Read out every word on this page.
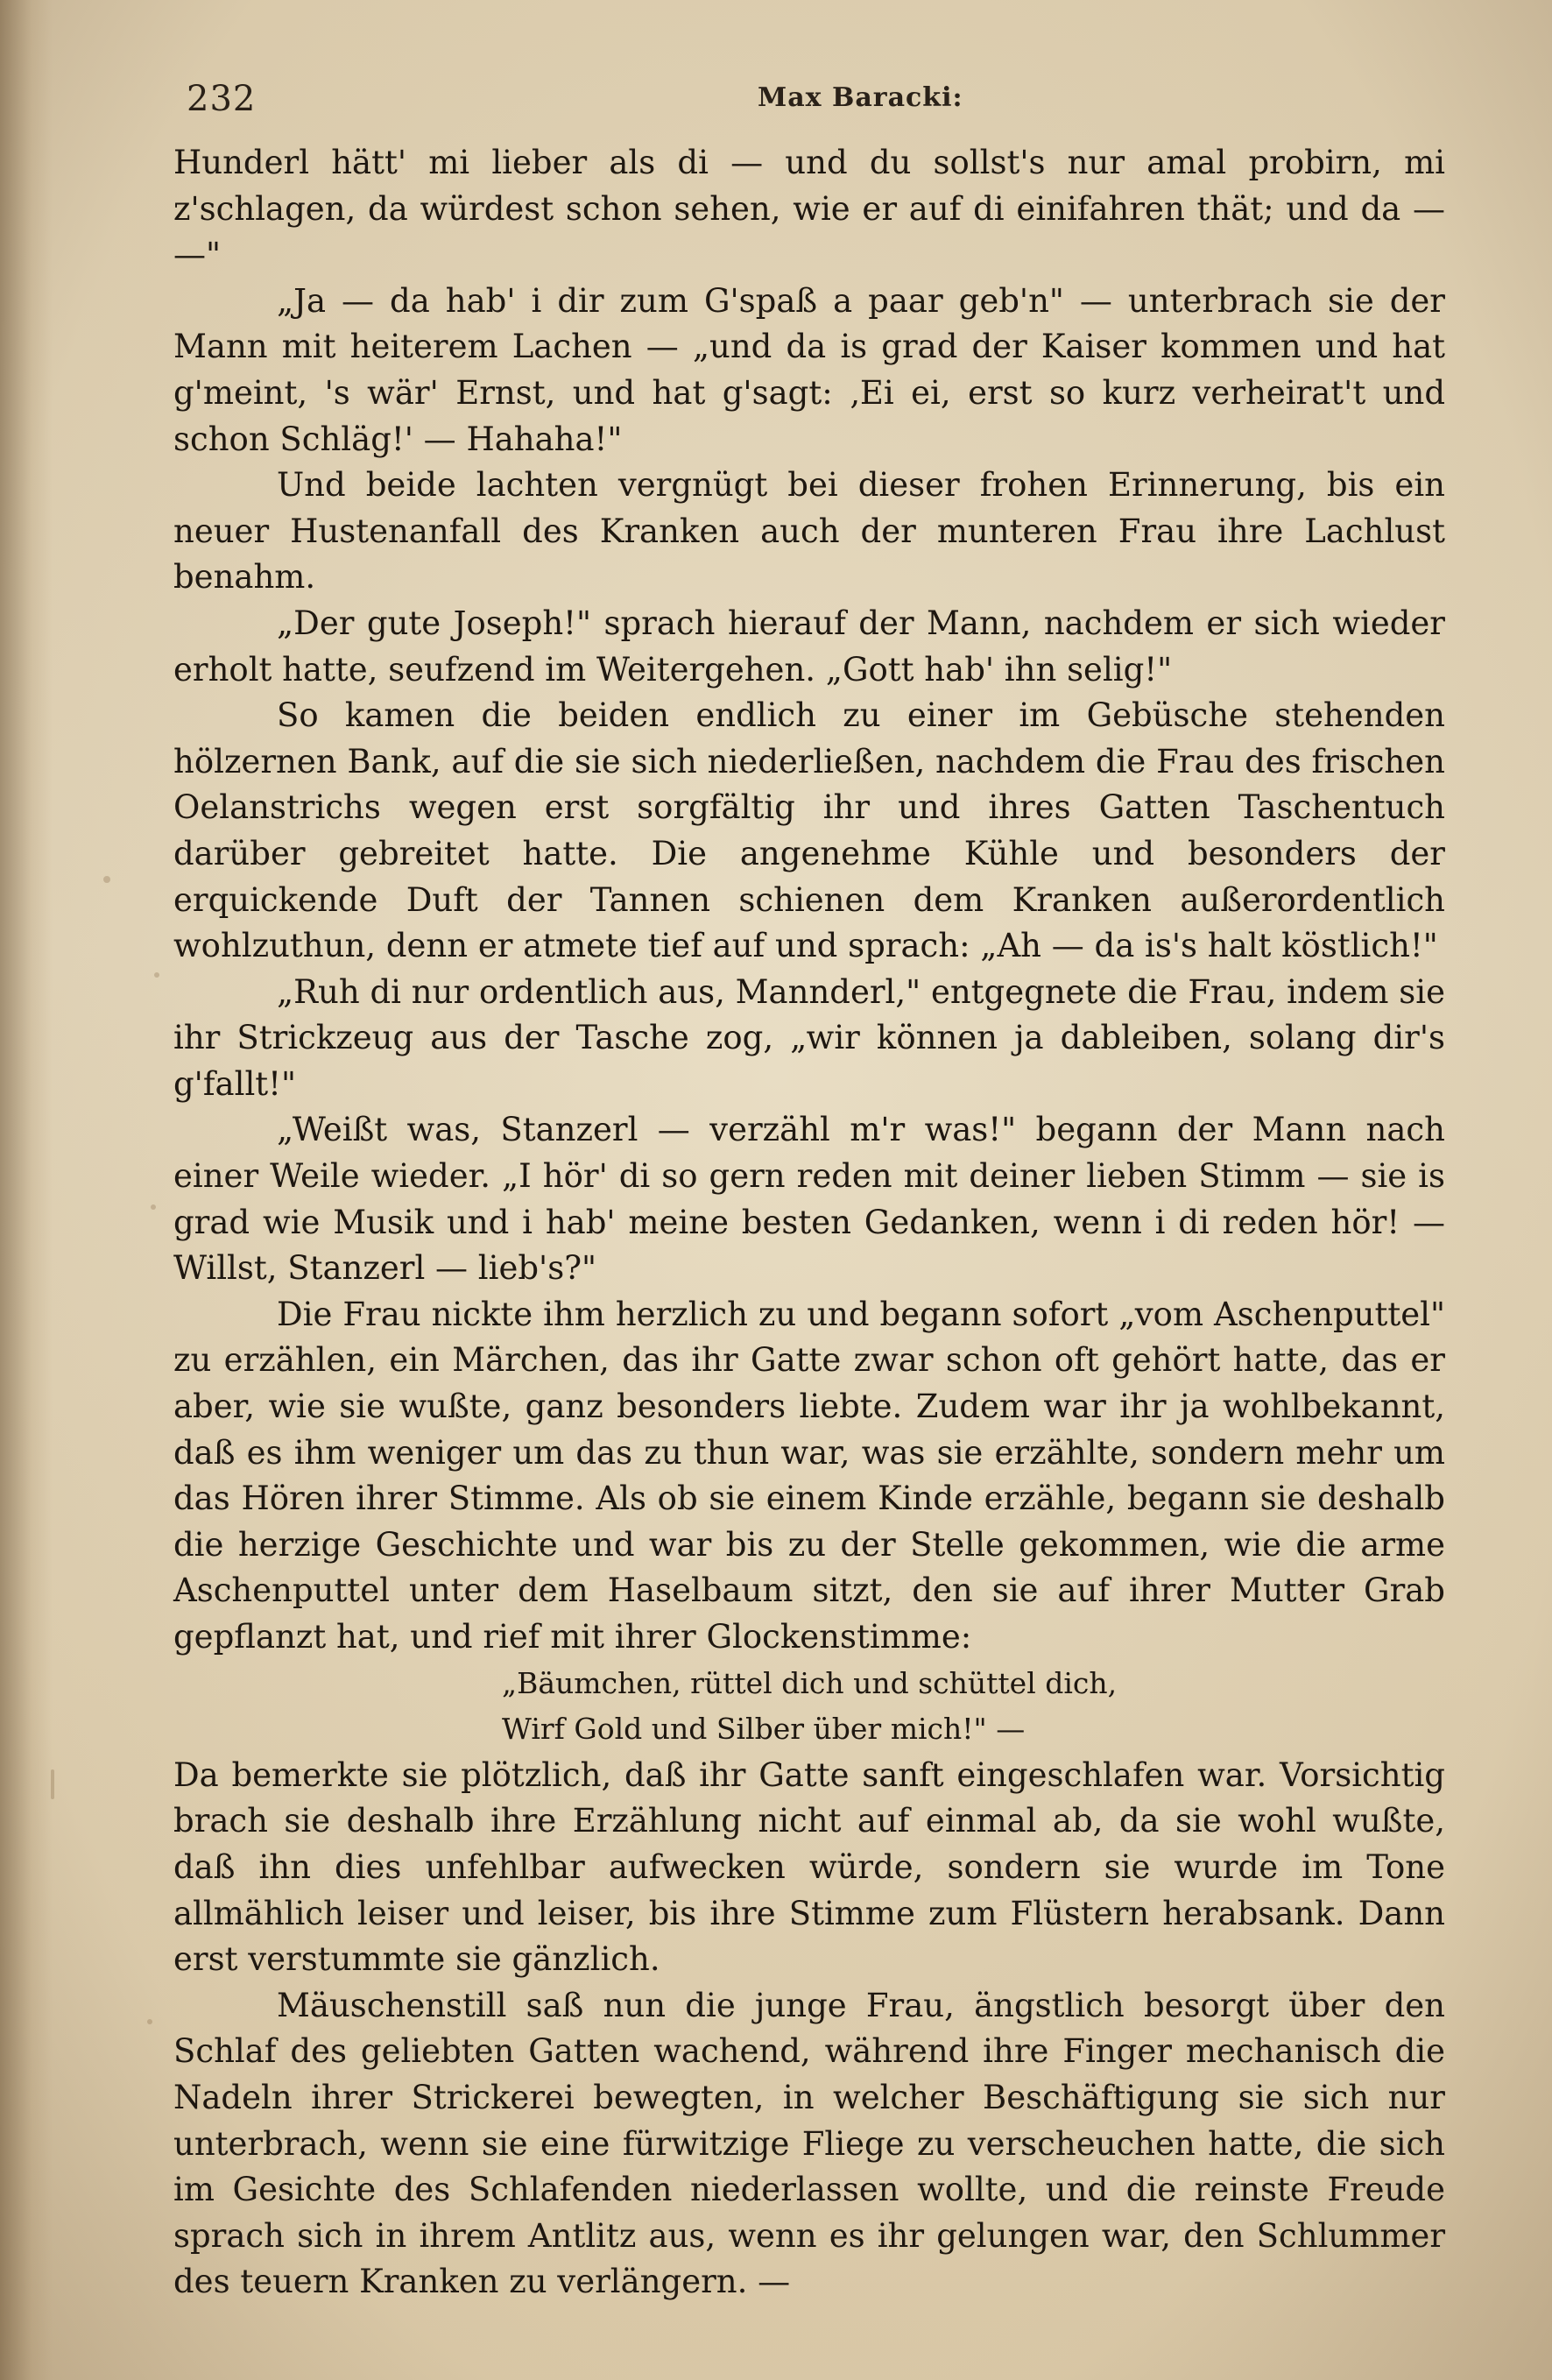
232	Max Baracki:

Hunderl hätt' mi lieber als di — und du sollst's nur amal probirn, mi z'schlagen, da würdest schon sehen, wie er auf di einifahren thät; und da — —"

„Ja — da hab' i dir zum G'spaß a paar geb'n" — unterbrach sie der Mann mit heiterem Lachen — „und da is grad der Kaiser kommen und hat g'meint, 's wär' Ernst, und hat g'sagt: ‚Ei ei, erst so kurz verheirat't und schon Schläg!' — Hahaha!"

Und beide lachten vergnügt bei dieser frohen Erinnerung, bis ein neuer Hustenanfall des Kranken auch der munteren Frau ihre Lachlust benahm.

„Der gute Joseph!" sprach hierauf der Mann, nachdem er sich wieder erholt hatte, seufzend im Weitergehen. „Gott hab' ihn selig!"

So kamen die beiden endlich zu einer im Gebüsche stehenden hölzernen Bank, auf die sie sich niederließen, nachdem die Frau des frischen Oelanstrichs wegen erst sorgfältig ihr und ihres Gatten Taschentuch darüber gebreitet hatte. Die angenehme Kühle und besonders der erquickende Duft der Tannen schienen dem Kranken außerordentlich wohlzuthun, denn er atmete tief auf und sprach: „Ah — da is's halt köstlich!"

„Ruh di nur ordentlich aus, Mannderl," entgegnete die Frau, indem sie ihr Strickzeug aus der Tasche zog, „wir können ja dableiben, solang dir's g'fallt!"

„Weißt was, Stanzerl — verzähl m'r was!" begann der Mann nach einer Weile wieder. „I hör' di so gern reden mit deiner lieben Stimm — sie is grad wie Musik und i hab' meine besten Gedanken, wenn i di reden hör! — Willst, Stanzerl — lieb's?"

Die Frau nickte ihm herzlich zu und begann sofort „vom Aschenputtel" zu erzählen, ein Märchen, das ihr Gatte zwar schon oft gehört hatte, das er aber, wie sie wußte, ganz besonders liebte. Zudem war ihr ja wohlbekannt, daß es ihm weniger um das zu thun war, was sie erzählte, sondern mehr um das Hören ihrer Stimme. Als ob sie einem Kinde erzähle, begann sie deshalb die herzige Geschichte und war bis zu der Stelle gekommen, wie die arme Aschenputtel unter dem Haselbaum sitzt, den sie auf ihrer Mutter Grab gepflanzt hat, und rief mit ihrer Glockenstimme:

„Bäumchen, rüttel dich und schüttel dich,
Wirf Gold und Silber über mich!" —

Da bemerkte sie plötzlich, daß ihr Gatte sanft eingeschlafen war. Vorsichtig brach sie deshalb ihre Erzählung nicht auf einmal ab, da sie wohl wußte, daß ihn dies unfehlbar aufwecken würde, sondern sie wurde im Tone allmählich leiser und leiser, bis ihre Stimme zum Flüstern herabsank. Dann erst verstummte sie gänzlich.

Mäuschenstill saß nun die junge Frau, ängstlich besorgt über den Schlaf des geliebten Gatten wachend, während ihre Finger mechanisch die Nadeln ihrer Strickerei bewegten, in welcher Beschäftigung sie sich nur unterbrach, wenn sie eine fürwitzige Fliege zu verscheuchen hatte, die sich im Gesichte des Schlafenden niederlassen wollte, und die reinste Freude sprach sich in ihrem Antlitz aus, wenn es ihr gelungen war, den Schlummer des teuern Kranken zu verlängern. —
